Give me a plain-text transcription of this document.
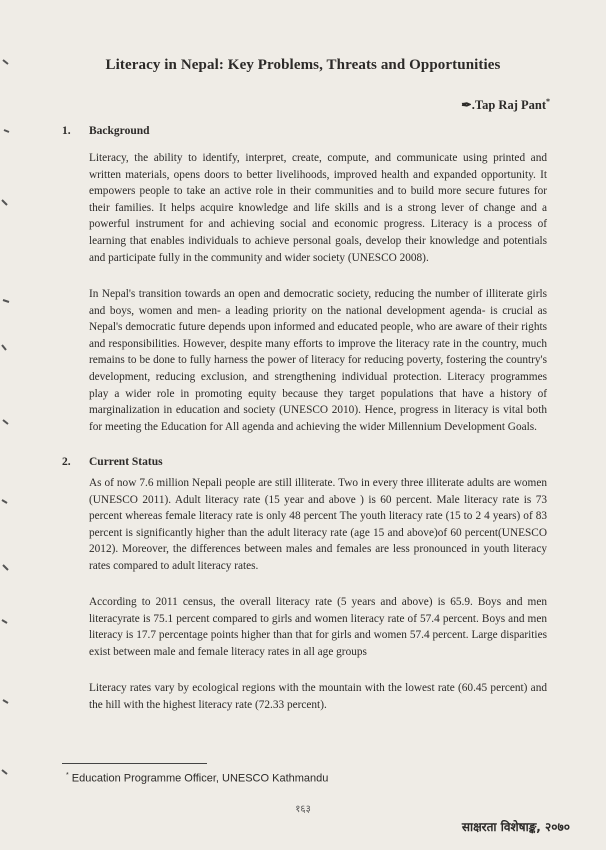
Literacy in Nepal: Key Problems, Threats and Opportunities
✒.Tap Raj Pant*
1. Background

Literacy, the ability to identify, interpret, create, compute, and communicate using printed and written materials, opens doors to better livelihoods, improved health and expanded opportunity. It empowers people to take an active role in their communities and to build more secure futures for their families. It helps acquire knowledge and life skills and is a strong lever of change and a powerful instrument for and achieving social and economic progress. Literacy is a process of learning that enables individuals to achieve personal goals, develop their knowledge and potentials and participate fully in the community and wider society (UNESCO 2008).

In Nepal's transition towards an open and democratic society, reducing the number of illiterate girls and boys, women and men- a leading priority on the national development agenda- is crucial as Nepal's democratic future depends upon informed and educated people, who are aware of their rights and responsibilities. However, despite many efforts to improve the literacy rate in the country, much remains to be done to fully harness the power of literacy for reducing poverty, fostering the country's development, reducing exclusion, and strengthening individual protection. Literacy programmes play a wider role in promoting equity because they target populations that have a history of marginalization in education and society (UNESCO 2010). Hence, progress in literacy is vital both for meeting the Education for All agenda and achieving the wider Millennium Development Goals.

2. Current Status

As of now 7.6 million Nepali people are still illiterate. Two in every three illiterate adults are women (UNESCO 2011). Adult literacy rate (15 year and above ) is 60 percent. Male literacy rate is 73 percent whereas female literacy rate is only 48 percent The youth literacy rate (15 to 2 4 years) of 83 percent is significantly higher than the adult literacy rate (age 15 and above)of 60 percent(UNESCO 2012). Moreover, the differences between males and females are less pronounced in youth literacy rates compared to adult literacy rates.

According to 2011 census, the overall literacy rate (5 years and above) is 65.9. Boys and men literacyrate is 75.1 percent compared to girls and women literacy rate of 57.4 percent. Boys and men literacy is 17.7 percentage points higher than that for girls and women 57.4 percent. Large disparities exist between male and female literacy rates in all age groups

Literacy rates vary by ecological regions with the mountain with the lowest rate (60.45 percent) and the hill with the highest literacy rate (72.33 percent).

* Education Programme Officer, UNESCO Kathmandu
१६३
साक्षरता विशेषाङ्क, २०७०
